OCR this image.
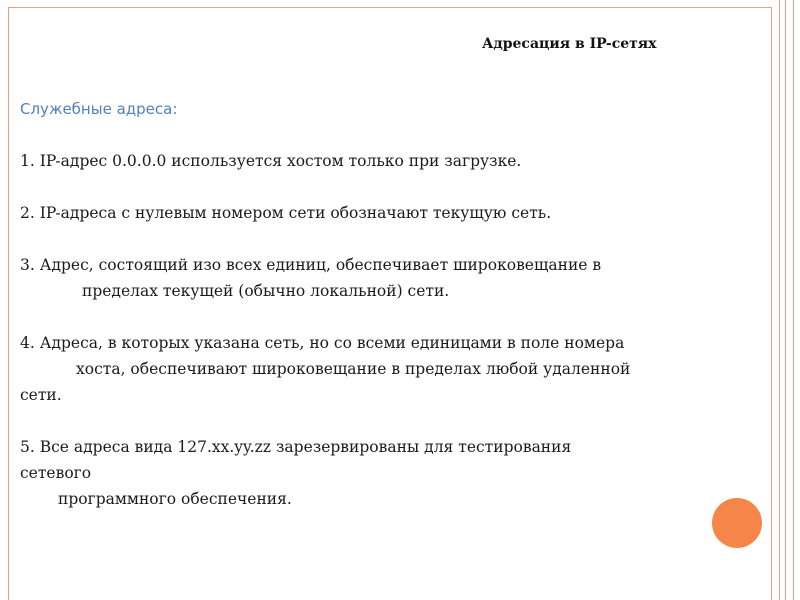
Адресация в IP-сетях
Служебные адреса:
1. IP-адрес 0.0.0.0 используется хостом только при загрузке.
2. IP-адреса с нулевым номером сети обозначают текущую сеть.
3. Адрес, состоящий изо всех единиц, обеспечивает широковещание в
пределах текущей (обычно локальной) сети.
4. Адреса, в которых указана сеть, но со всеми единицами в поле номера
хоста, обеспечивают широковещание в пределах любой удаленной
сети.
5. Все адреса вида 127.xx.yy.zz зарезервированы для тестирования
сетевого
программного обеспечения.
